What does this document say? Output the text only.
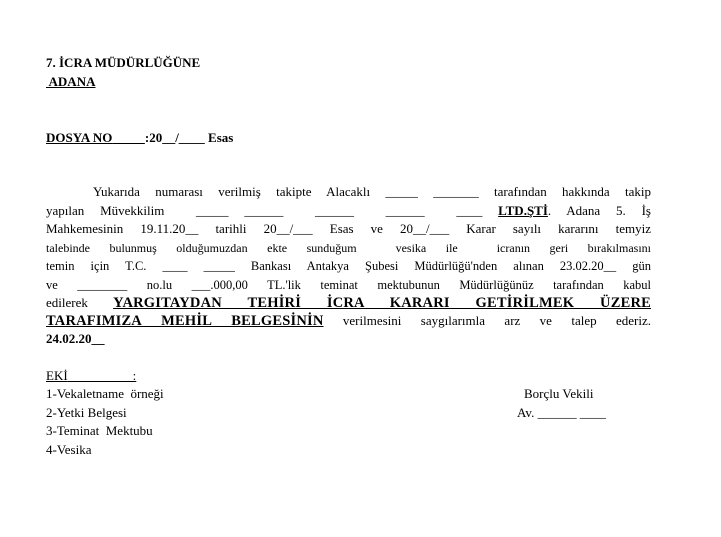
7. İCRA MÜDÜRLÜĞÜNE
ADANA
DOSYA NO	:20__/____ Esas
Yukarıda numarası verilmiş takipte Alacaklı _____ _______ tarafından hakkında takip
yapılan Müvekkilim  _____ ______  ______  ______  ____ LTD.ŞTİ. Adana 5. İş
Mahkemesinin 19.11.20__ tarihli 20__/___ Esas ve 20__/___ Karar sayılı kararını temyiz
talebinde bulunmuş olduğumuzdan ekte sunduğum  vesika ile  icranın geri bırakılmasını
temin için T.C. ____ _____ Bankası Antakya Şubesi Müdürlüğü'nden alınan 23.02.20__ gün
ve ________ no.lu ___.000,00 TL.'lik teminat mektubunun Müdürlüğünüz tarafından kabul
edilerek YARGITAYDAN TEHİRİ İCRA KARARI GETİRİLMEK ÜZERE
TARAFIMIZA MEHİL BELGESİNİN verilmesini saygılarımla arz ve talep ederiz.
24.02.20__
EKİ                    :
1-Vekaletname  örneği
2-Yetki Belgesi
3-Teminat  Mektubu
4-Vesika
Borçlu Vekili
Av. ______ ____
